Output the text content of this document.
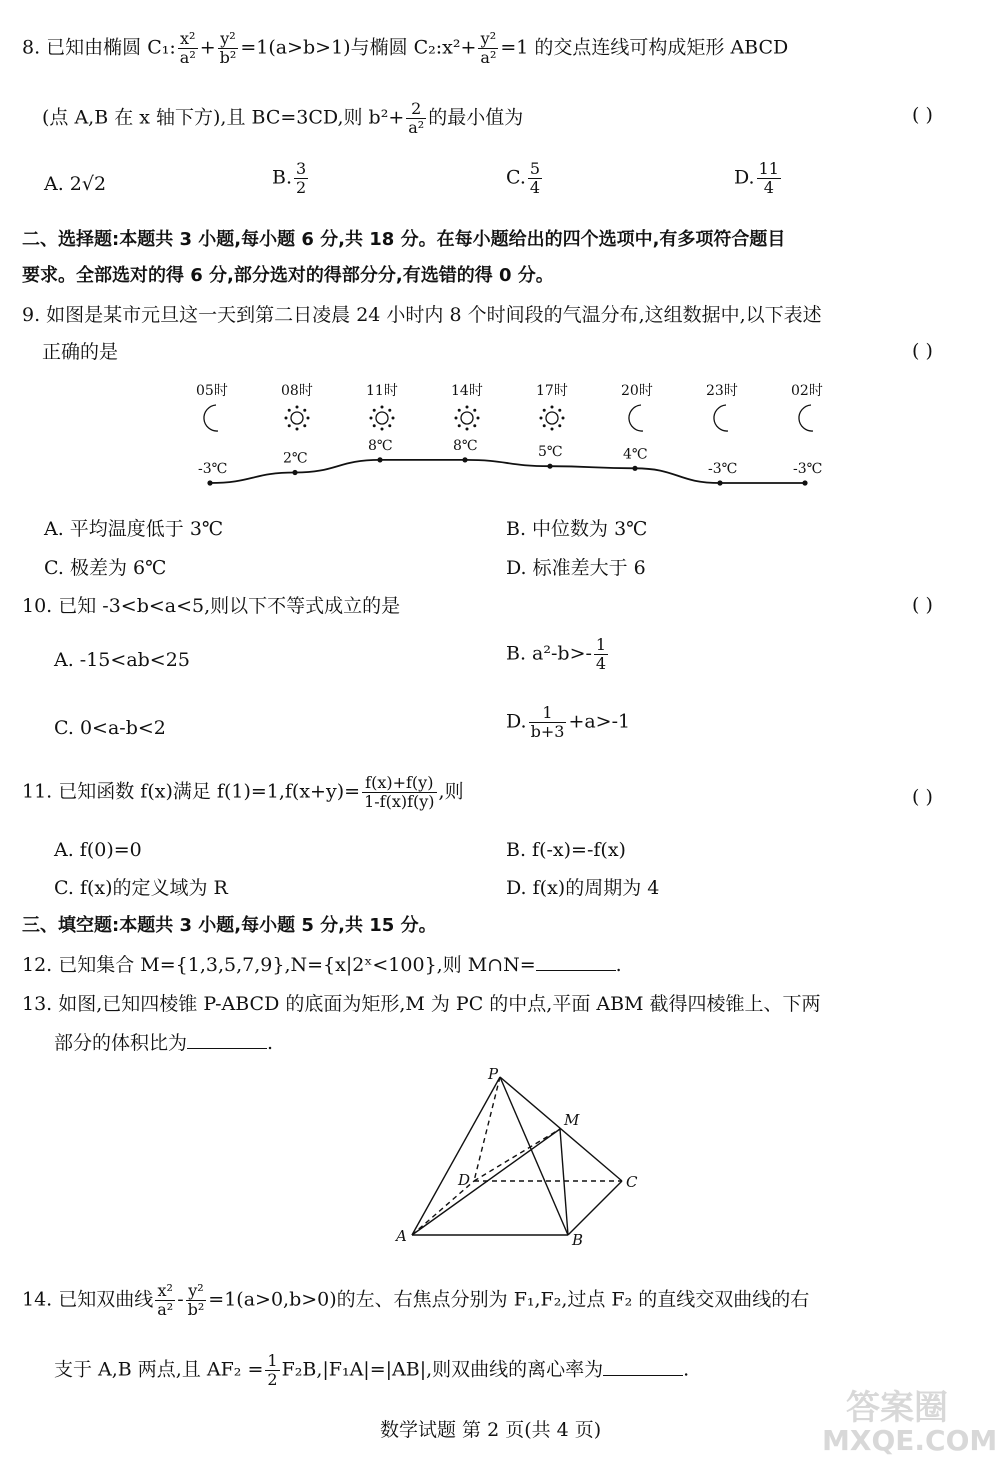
8. 已知由椭圆 C₁: $\frac{\text{x²}}{\text{a²}} + \frac{\text{y²}}{\text{b²}} =1(a>b>1)$与椭圆 C₂:x²+ $\frac{\text{y²}}{\text{a²}} =1$ 的交点连线可构成矩形 ABCD
(点 A,B 在 x 轴下方),且 BC=3CD,则 $b^2+ \frac{2}{\text{a²}}$ 的最小值为	( )
A. 2√2	B. $\frac{3}{2}$	C. $\frac{5}{4}$	D. $\frac{11}{4}$
二、选择题:本题共 3 小题,每小题 6 分,共 18 分。在每小题给出的四个选项中,有多项符合题目
要求。全部选对的得 6 分,部分选对的得部分分,有选错的得 0 分。
9. 如图是某市元旦这一天到第二日凌晨 24 小时内 8 个时间段的气温分布,这组数据中,以下表述
正确的是	( )
05时
-3℃
08时
2℃
11时
8℃
14时
8℃
17时
5℃
20时
4℃
23时
-3℃
02时
-3℃
A. 平均温度低于 3℃	B. 中位数为 3℃
C. 极差为 6℃	D. 标准差大于 6
10. 已知 -3<b<a<5,则以下不等式成立的是	( )
A. -15<ab<25	B. $a^2-b>- \frac{1}{4}$
C. 0<a-b<2	D. $\frac{1}{b+3} +a>-1$
11. 已知函数 f(x)满足 $f(1)=1,f(x+y)= \frac{f(x)+f(y)}{1-f(x)f(y)}$ ,则	( )
A. f(0)=0	B. f(-x)=-f(x)
C. f(x)的定义域为 R	D. f(x)的周期为 4
三、填空题:本题共 3 小题,每小题 5 分,共 15 分。
12. 已知集合 M={1,3,5,7,9},N={x|2ˣ<100},则 M∩N=	.
13. 如图,已知四棱锥 P-ABCD 的底面为矩形,M 为 PC 的中点,平面 ABM 截得四棱锥上、下两
部分的体积比为	.
P
M
D	C
A	B
14. 已知双曲线 $\frac{\text{x²}}{\text{a²}} - \frac{\text{y²}}{\text{b²}} =1(a>0,b>0)$的左、右焦点分别为 F₁,F₂,过点 F₂ 的直线交双曲线的右
支于 A,B 两点,且 $AF_2 = \frac{1}{2} F_2B,|F_1A|=|AB|$,则双曲线的离心率为	.
数学试题 第 2 页(共 4 页)
答案圈
MXQE.COM
